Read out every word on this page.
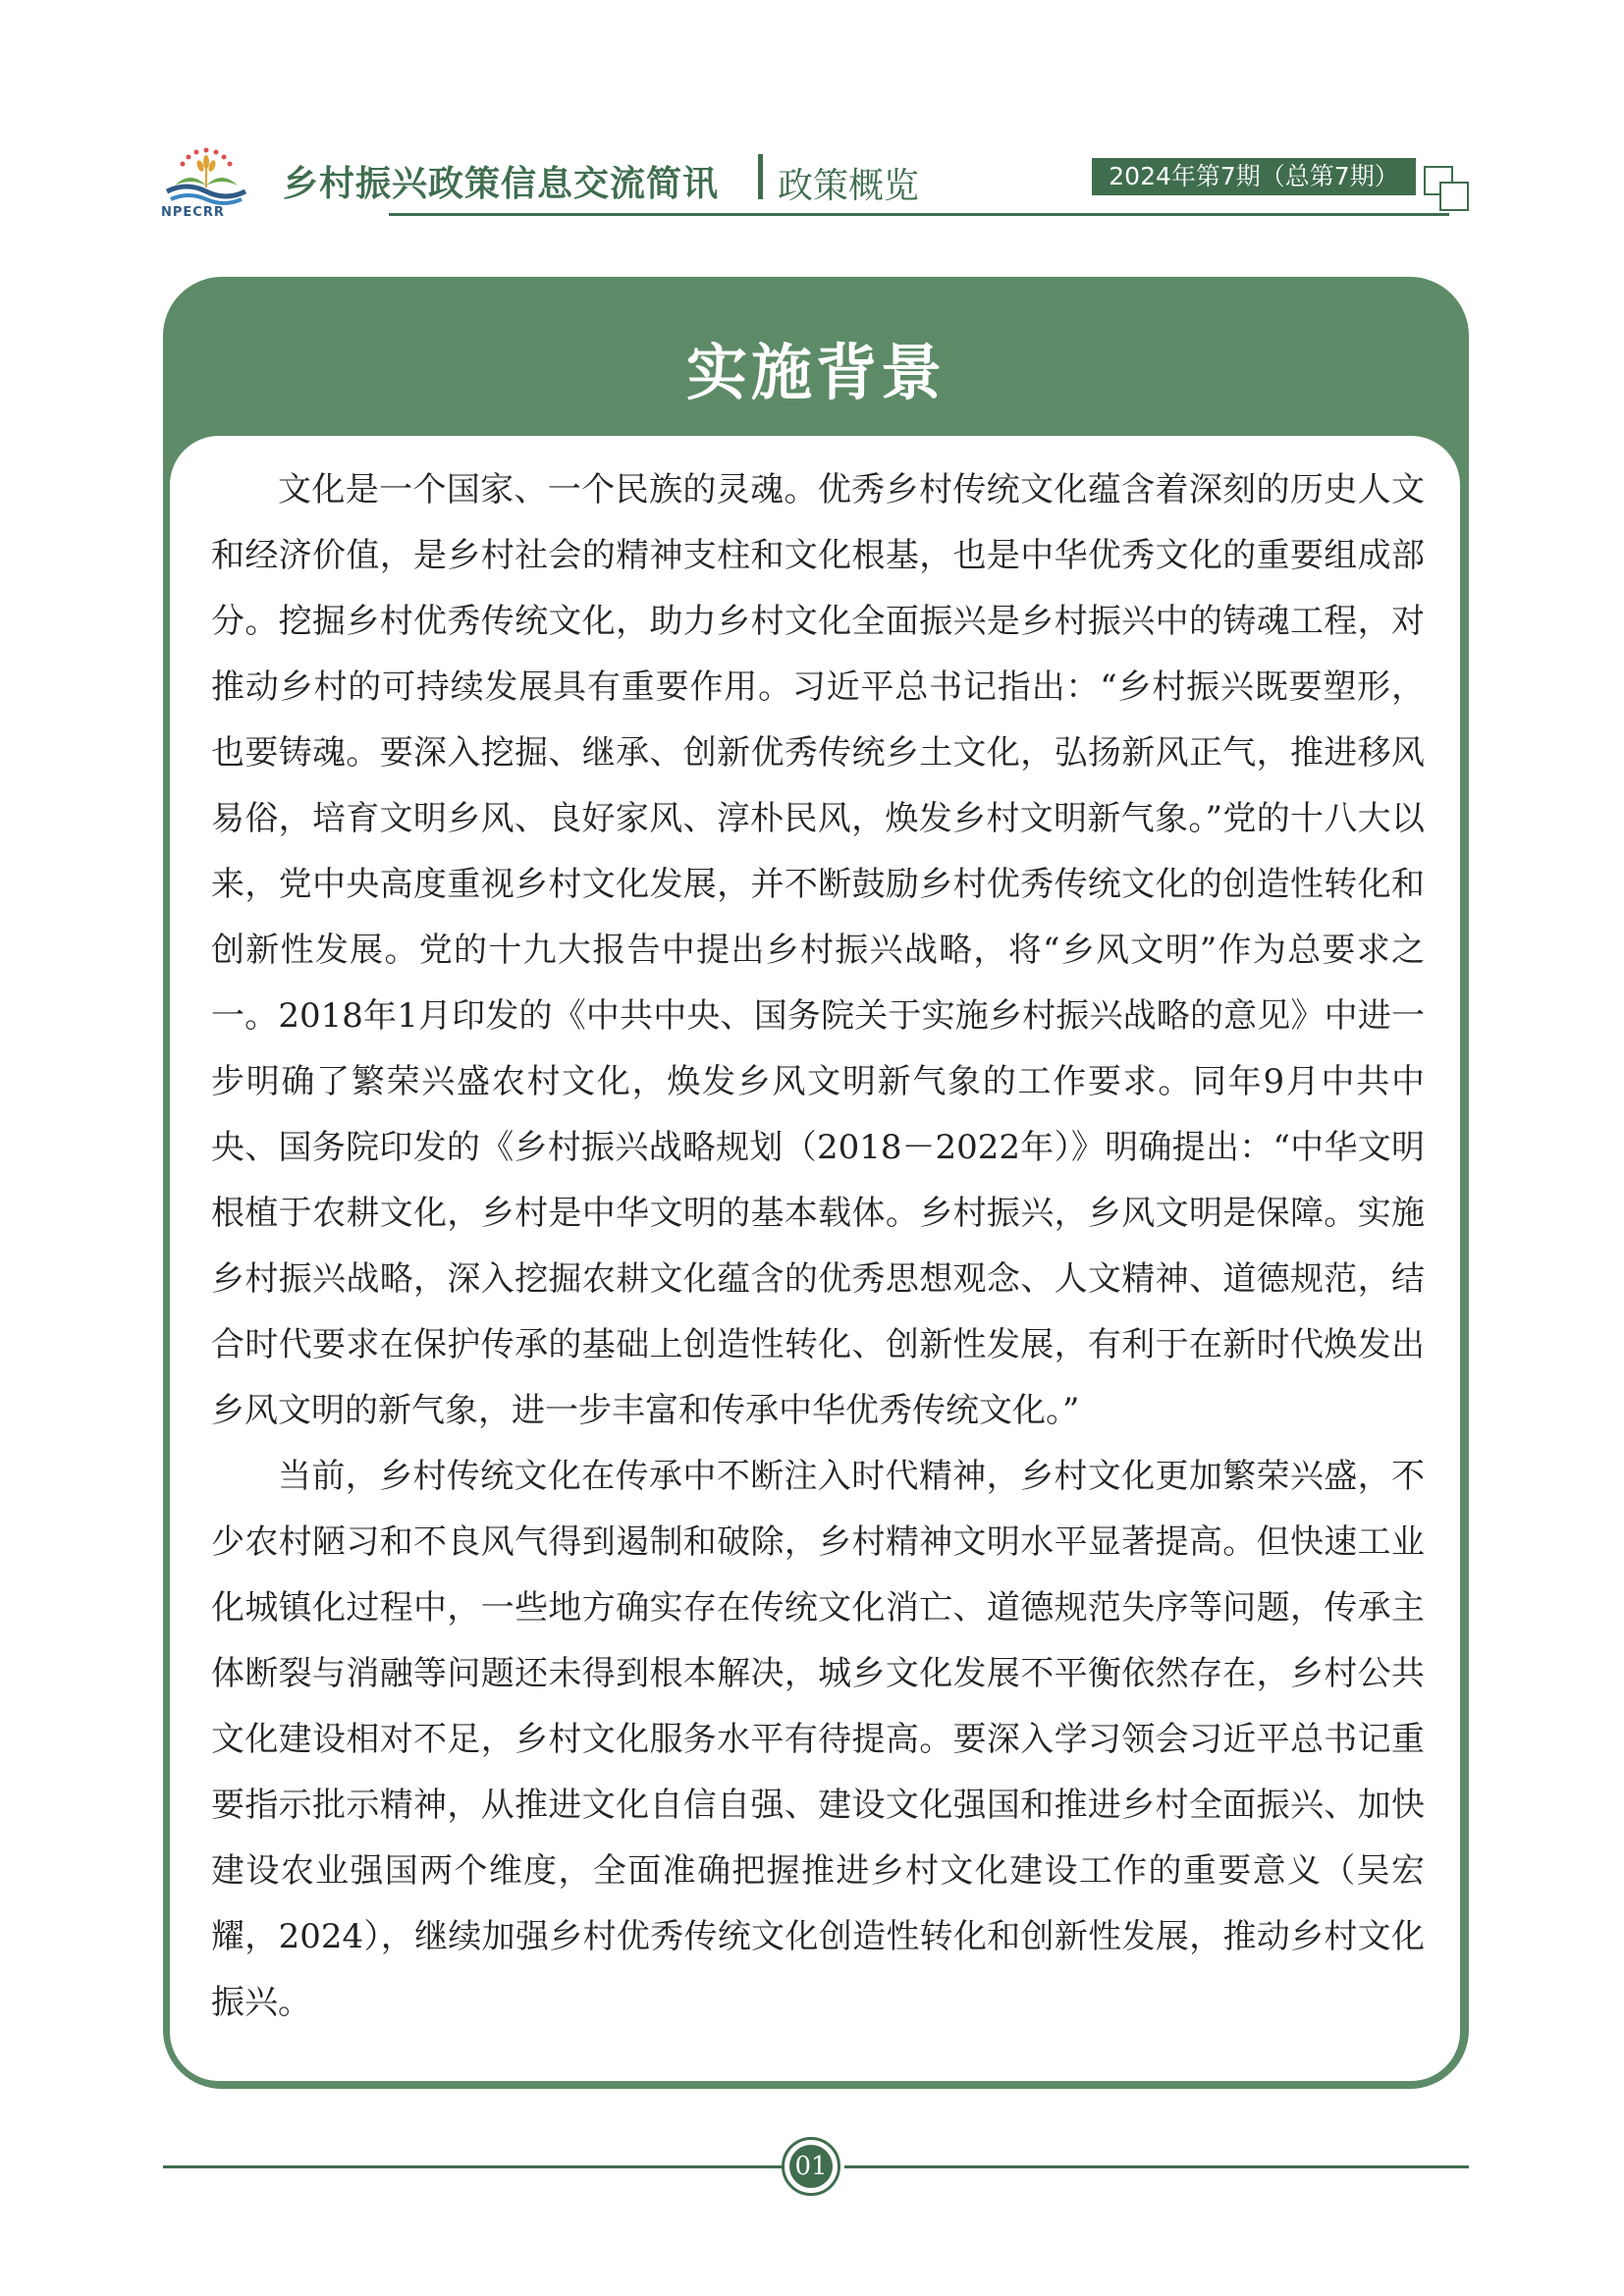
NPECRR
乡村振兴政策信息交流简讯 政策概览	2024年第7期（总第7期）
实施背景

文化是一个国家、一个民族的灵魂。优秀乡村传统文化蕴含着深刻的历史人文和经济价值，是乡村社会的精神支柱和文化根基，也是中华优秀文化的重要组成部分。挖掘乡村优秀传统文化，助力乡村文化全面振兴是乡村振兴中的铸魂工程，对推动乡村的可持续发展具有重要作用。习近平总书记指出：“乡村振兴既要塑形，也要铸魂。要深入挖掘、继承、创新优秀传统乡土文化，弘扬新风正气，推进移风易俗，培育文明乡风、良好家风、淳朴民风，焕发乡村文明新气象。”党的十八大以来，党中央高度重视乡村文化发展，并不断鼓励乡村优秀传统文化的创造性转化和创新性发展。党的十九大报告中提出乡村振兴战略，将“乡风文明”作为总要求之一。2018年1月印发的《中共中央、国务院关于实施乡村振兴战略的意见》中进一步明确了繁荣兴盛农村文化，焕发乡风文明新气象的工作要求。同年9月中共中央、国务院印发的《乡村振兴战略规划（2018－2022年）》明确提出：“中华文明根植于农耕文化，乡村是中华文明的基本载体。乡村振兴，乡风文明是保障。实施乡村振兴战略，深入挖掘农耕文化蕴含的优秀思想观念、人文精神、道德规范，结合时代要求在保护传承的基础上创造性转化、创新性发展，有利于在新时代焕发出乡风文明的新气象，进一步丰富和传承中华优秀传统文化。”

当前，乡村传统文化在传承中不断注入时代精神，乡村文化更加繁荣兴盛，不少农村陋习和不良风气得到遏制和破除，乡村精神文明水平显著提高。但快速工业化城镇化过程中，一些地方确实存在传统文化消亡、道德规范失序等问题，传承主体断裂与消融等问题还未得到根本解决，城乡文化发展不平衡依然存在，乡村公共文化建设相对不足，乡村文化服务水平有待提高。要深入学习领会习近平总书记重要指示批示精神，从推进文化自信自强、建设文化强国和推进乡村全面振兴、加快建设农业强国两个维度，全面准确把握推进乡村文化建设工作的重要意义（吴宏耀，2024），继续加强乡村优秀传统文化创造性转化和创新性发展，推动乡村文化振兴。

01
